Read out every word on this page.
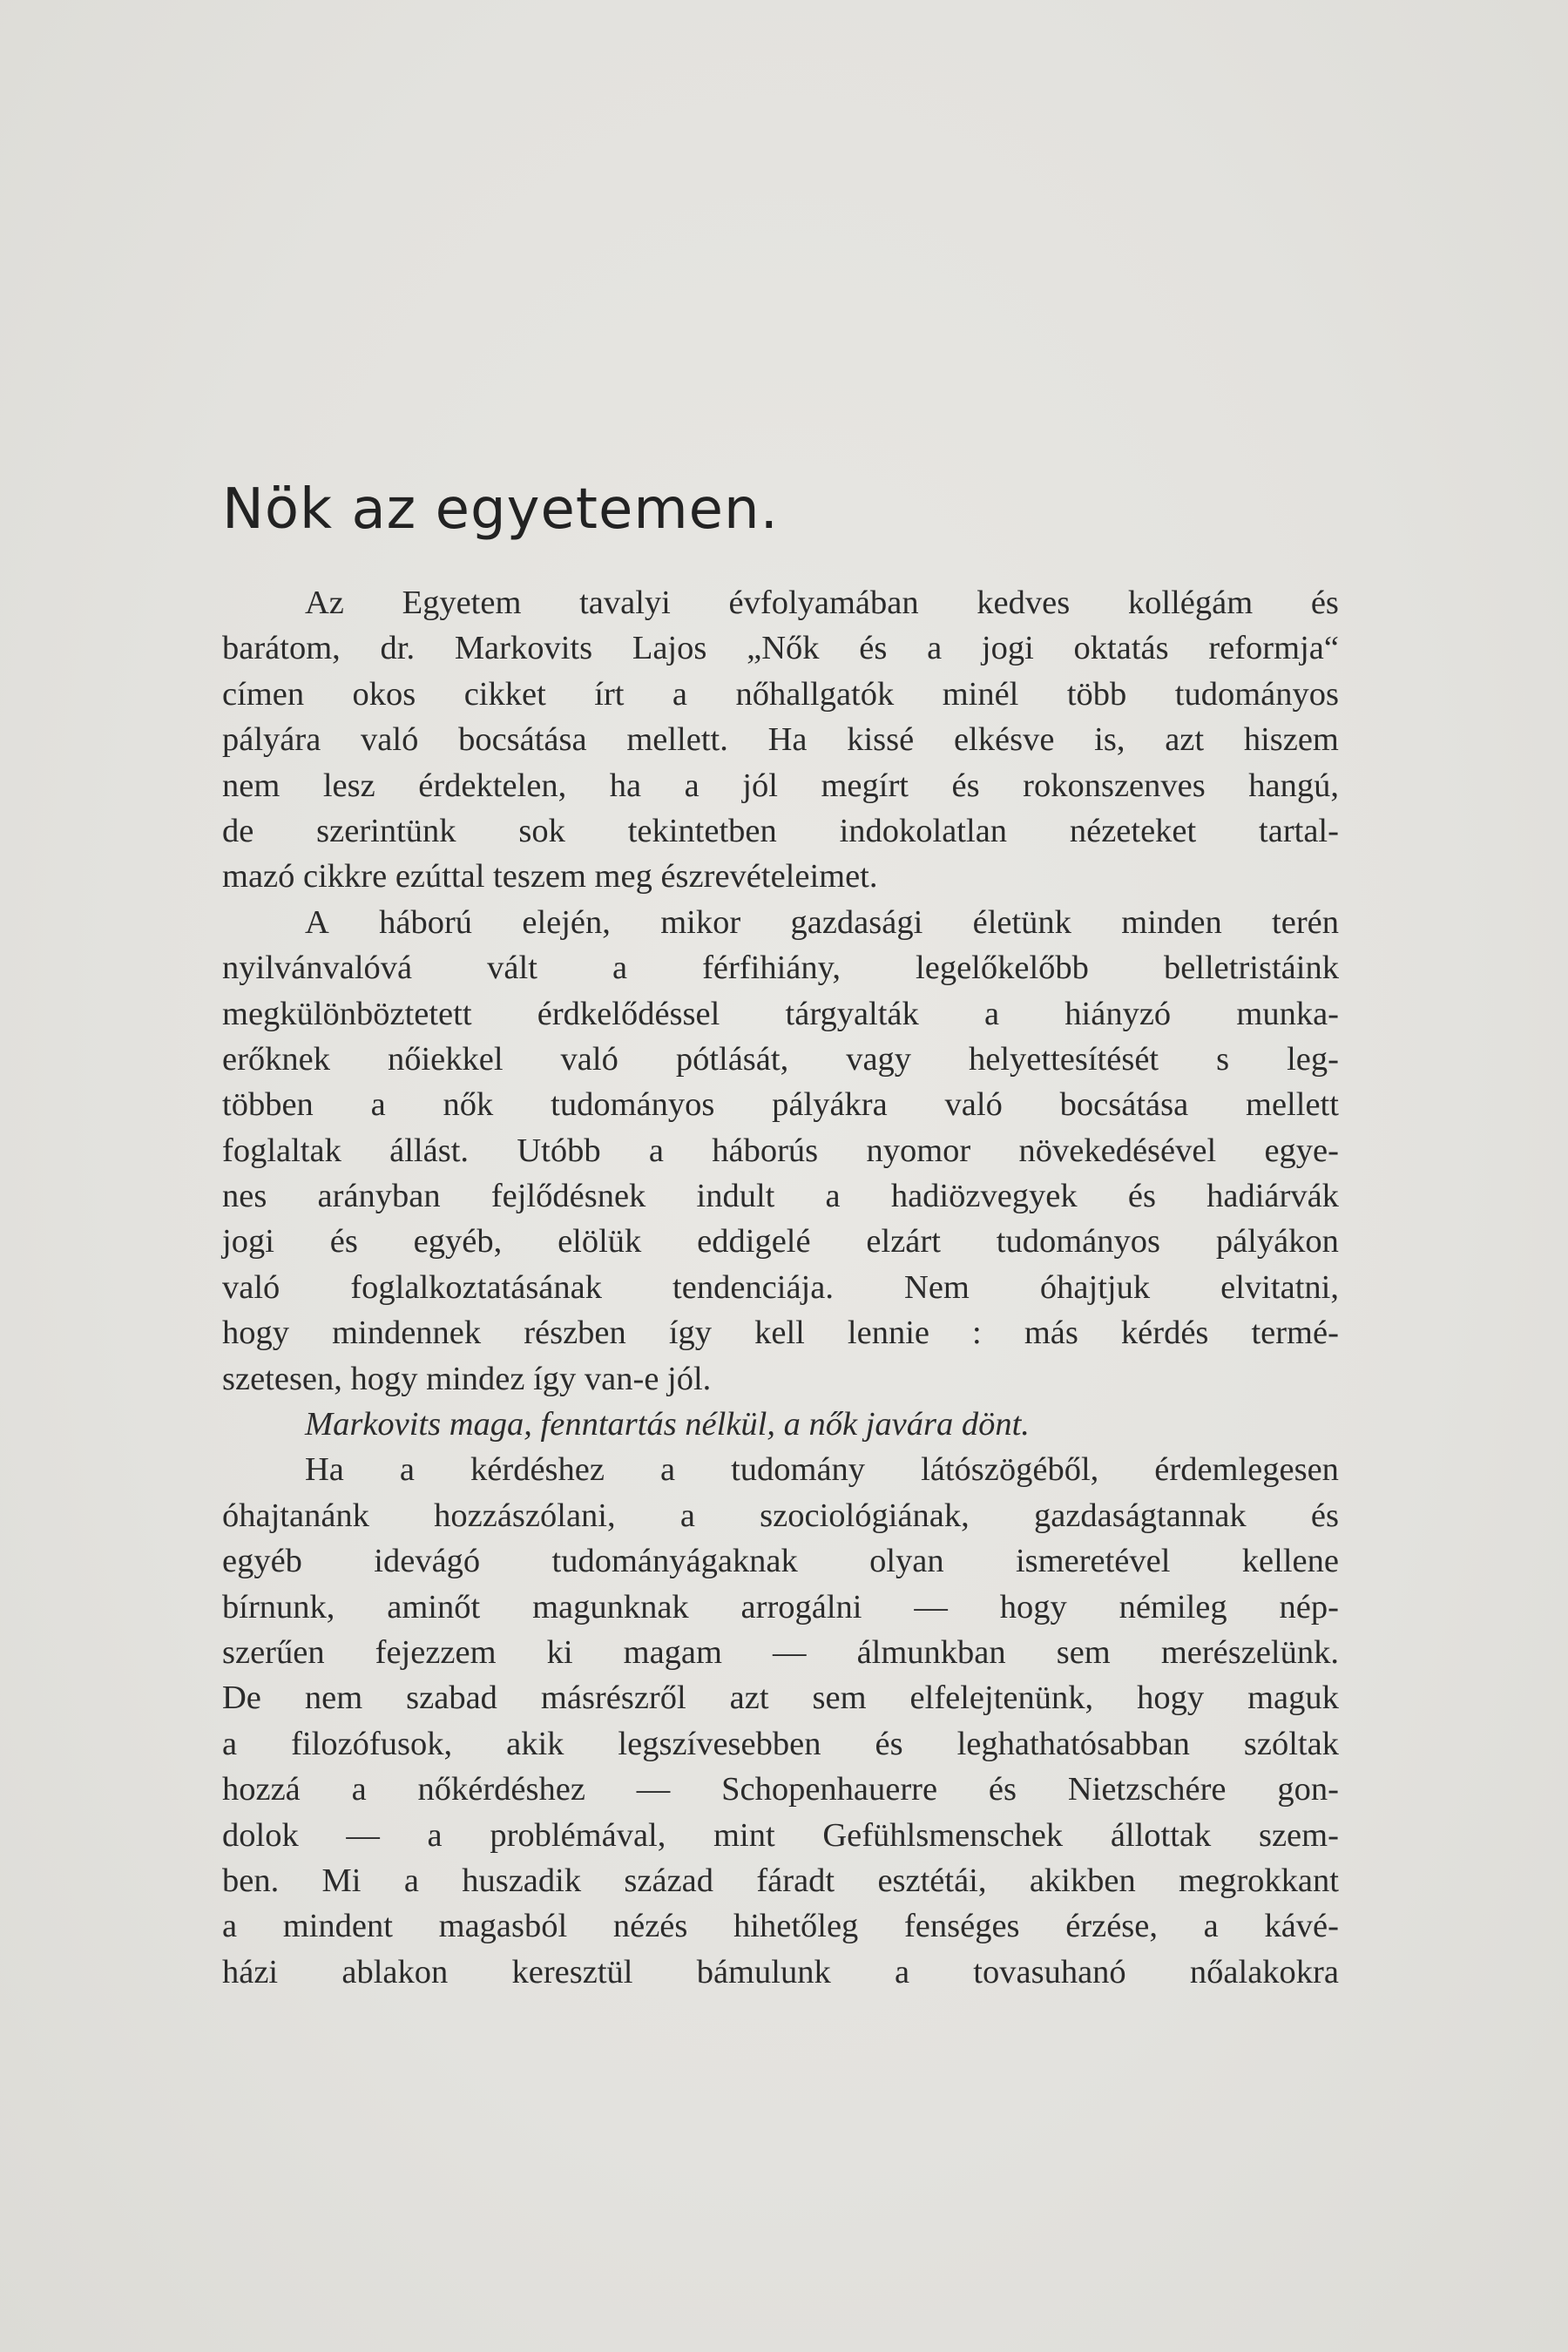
Nök az egyetemen.
Az Egyetem tavalyi évfolyamában kedves kollégám és
barátom, dr. Markovits Lajos „Nők és a jogi oktatás reformja“
címen okos cikket írt a nőhallgatók minél több tudományos
pályára való bocsátása mellett. Ha kissé elkésve is, azt hiszem
nem lesz érdektelen, ha a jól megírt és rokonszenves hangú,
de szerintünk sok tekintetben indokolatlan nézeteket tartal-
mazó cikkre ezúttal teszem meg észrevételeimet.
A háború elején, mikor gazdasági életünk minden terén
nyilvánvalóvá vált a férfihiány, legelőkelőbb belletristáink
megkülönböztetett érdkelődéssel tárgyalták a hiányzó munka-
erőknek nőiekkel való pótlását, vagy helyettesítését s leg-
többen a nők tudományos pályákra való bocsátása mellett
foglaltak állást. Utóbb a háborús nyomor növekedésével egye-
nes arányban fejlődésnek indult a hadiözvegyek és hadiárvák
jogi és egyéb, elölük eddigelé elzárt tudományos pályákon
való foglalkoztatásának tendenciája. Nem óhajtjuk elvitatni,
hogy mindennek részben így kell lennie : más kérdés termé-
szetesen, hogy mindez így van-e jól.
Markovits maga, fenntartás nélkül, a nők javára dönt.
Ha a kérdéshez a tudomány látószögéből, érdemlegesen
óhajtanánk hozzászólani, a szociológiának, gazdaságtannak és
egyéb idevágó tudományágaknak olyan ismeretével kellene
bírnunk, aminőt magunknak arrogálni — hogy némileg nép-
szerűen fejezzem ki magam — álmunkban sem merészelünk.
De nem szabad másrészről azt sem elfelejtenünk, hogy maguk
a filozófusok, akik legszívesebben és leghathatósabban szóltak
hozzá a nőkérdéshez — Schopenhauerre és Nietzschére gon-
dolok — a problémával, mint Gefühlsmenschek állottak szem-
ben. Mi a huszadik század fáradt esztétái, akikben megrokkant
a mindent magasból nézés hihetőleg fenséges érzése, a kávé-
házi ablakon keresztül bámulunk a tovasuhanó nőalakokra
